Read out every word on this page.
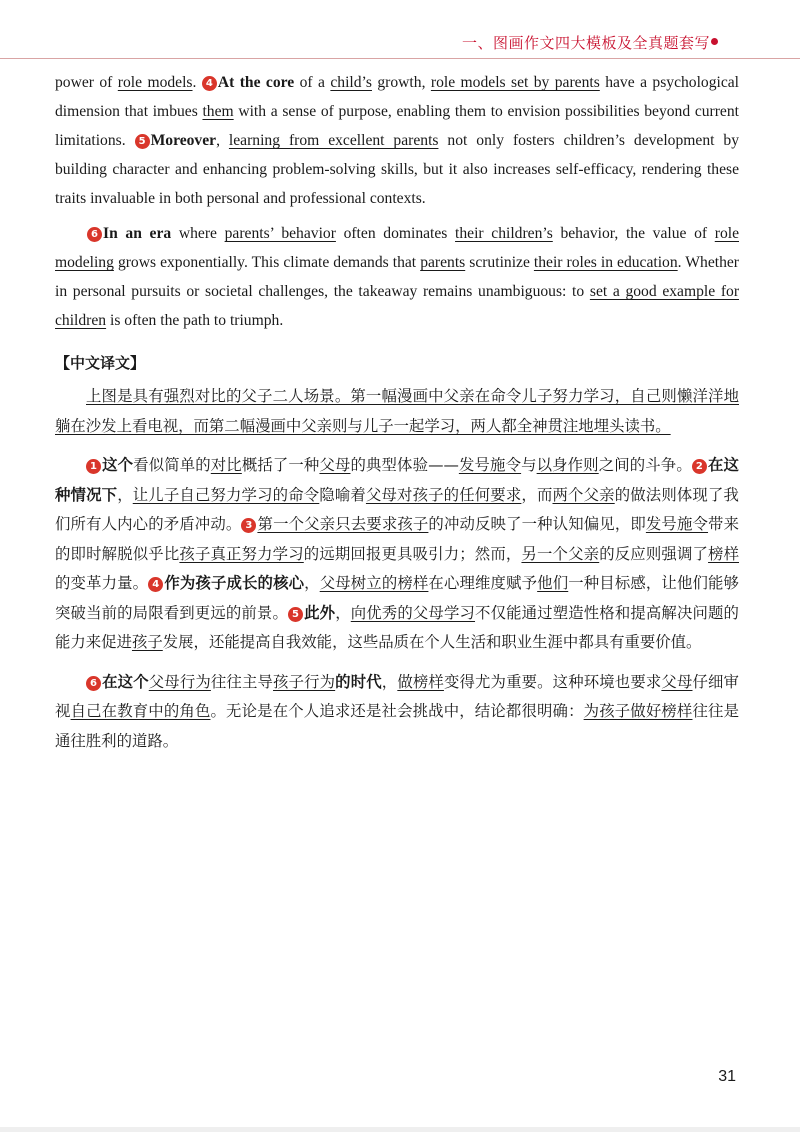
一、图画作文四大模板及全真题套写

power of role models. 4 At the core of a child’s growth, role models set by parents have a psychological dimension that imbues them with a sense of purpose, enabling them to envision possibilities beyond current limitations. 5 Moreover, learning from excellent parents not only fosters children’s development by building character and enhancing problem-solving skills, but it also increases self-efficacy, rendering these traits invaluable in both personal and professional contexts.

6 In an era where parents’ behavior often dominates their children’s behavior, the value of role modeling grows exponentially. This climate demands that parents scrutinize their roles in education. Whether in personal pursuits or societal challenges, the takeaway remains unambiguous: to set a good example for children is often the path to triumph.

【中文译文】

上图是具有强烈对比的父子二人场景。第一幅漫画中父亲在命令儿子努力学习，自己则懒洋洋地躺在沙发上看电视，而第二幅漫画中父亲则与儿子一起学习，两人都全神贯注地埋头读书。

1 这个看似简单的对比概括了一种父母的典型体验——发号施令与以身作则之间的斗争。 2 在这种情况下，让儿子自己努力学习的命令隐喻着父母对孩子的任何要求，而两个父亲的做法则体现了我们所有人内心的矛盾冲动。 3 第一个父亲只去要求孩子的冲动反映了一种认知偏见，即发号施令带来的即时解脱似乎比孩子真正努力学习的远期回报更具吸引力；然而，另一个父亲的反应则强调了榜样的变革力量。 4 作为孩子成长的核心，父母树立的榜样在心理维度赋予他们一种目标感，让他们能够突破当前的局限看到更远的前景。 5 此外，向优秀的父母学习不仅能通过塑造性格和提高解决问题的能力来促进孩子发展，还能提高自我效能，这些品质在个人生活和职业生涯中都具有重要价值。

6 在这个父母行为往往主导孩子行为的时代，做榜样变得尤为重要。这种环境也要求父母仔细审视自己在教育中的角色。无论是在个人追求还是社会挑战中，结论都很明确：为孩子做好榜样往往是通往胜利的道路。

31
